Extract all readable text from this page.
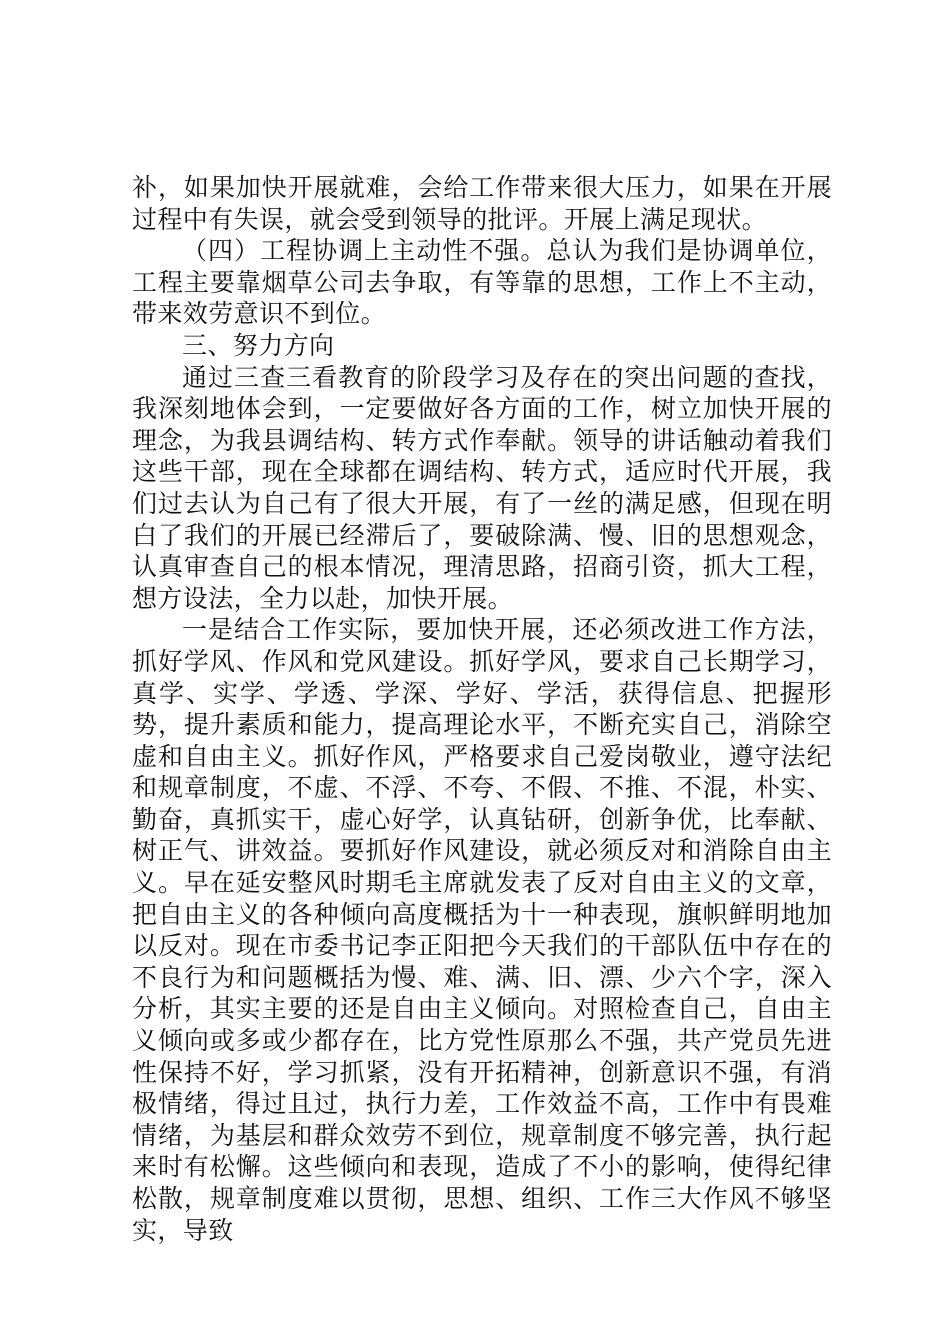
补，如果加快开展就难，会给工作带来很大压力，如果在开展过程中有失误，就会受到领导的批评。开展上满足现状。

（四）工程协调上主动性不强。总认为我们是协调单位，工程主要靠烟草公司去争取，有等靠的思想，工作上不主动，带来效劳意识不到位。

三、努力方向

通过三查三看教育的阶段学习及存在的突出问题的查找，我深刻地体会到，一定要做好各方面的工作，树立加快开展的理念，为我县调结构、转方式作奉献。领导的讲话触动着我们这些干部，现在全球都在调结构、转方式，适应时代开展，我们过去认为自己有了很大开展，有了一丝的满足感，但现在明白了我们的开展已经滞后了，要破除满、慢、旧的思想观念，认真审查自己的根本情况，理清思路，招商引资，抓大工程，想方设法，全力以赴，加快开展。

一是结合工作实际，要加快开展，还必须改进工作方法，抓好学风、作风和党风建设。抓好学风，要求自己长期学习，真学、实学、学透、学深、学好、学活，获得信息、把握形势，提升素质和能力，提高理论水平，不断充实自己，消除空虚和自由主义。抓好作风，严格要求自己爱岗敬业，遵守法纪和规章制度，不虚、不浮、不夸、不假、不推、不混，朴实、勤奋，真抓实干，虚心好学，认真钻研，创新争优，比奉献、树正气、讲效益。要抓好作风建设，就必须反对和消除自由主义。早在延安整风时期毛主席就发表了反对自由主义的文章，把自由主义的各种倾向高度概括为十一种表现，旗帜鲜明地加以反对。现在市委书记李正阳把今天我们的干部队伍中存在的不良行为和问题概括为慢、难、满、旧、漂、少六个字，深入分析，其实主要的还是自由主义倾向。对照检查自己，自由主义倾向或多或少都存在，比方党性原那么不强，共产党员先进性保持不好，学习抓紧，没有开拓精神，创新意识不强，有消极情绪，得过且过，执行力差，工作效益不高，工作中有畏难情绪，为基层和群众效劳不到位，规章制度不够完善，执行起来时有松懈。这些倾向和表现，造成了不小的影响，使得纪律松散，规章制度难以贯彻，思想、组织、工作三大作风不够坚实，导致
